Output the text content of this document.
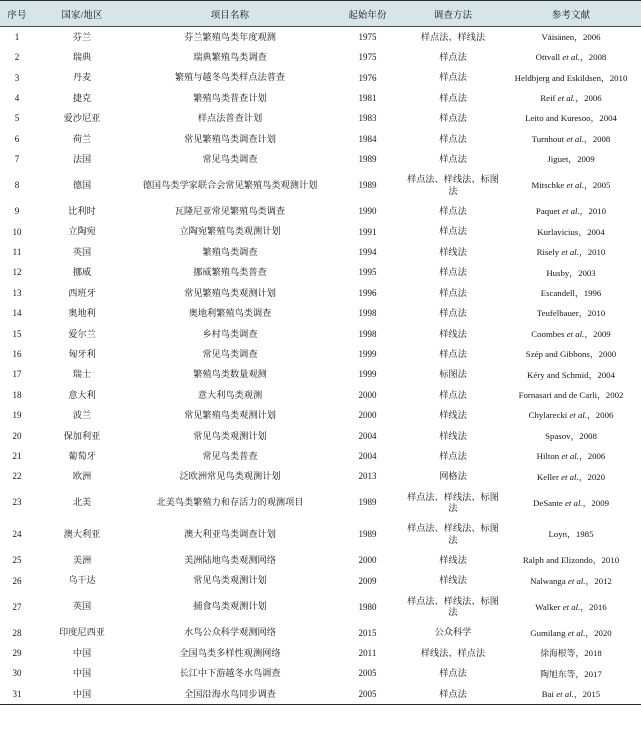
序号	国家/地区	项目名称	起始年份	调查方法	参考文献
1	芬兰	芬兰繁殖鸟类年度观测	1975	样点法、样线法	Väisänen，2006
2	瑞典	瑞典繁殖鸟类调查	1975	样点法	Ottvall et al.，2008
3	丹麦	繁殖与越冬鸟类样点法普查	1976	样点法	Heldbjerg and Eskildsen，2010
4	捷克	繁殖鸟类普查计划	1981	样点法	Reif et al.，2006
5	爱沙尼亚	样点法普查计划	1983	样点法	Leito and Kuresoo，2004
6	荷兰	常见繁殖鸟类调查计划	1984	样点法	Turnhout et al.，2008
7	法国	常见鸟类调查	1989	样点法	Jiguet，2009
8	德国	德国鸟类学家联合会常见繁殖鸟类观测计划	1989	样点法、样线法、标图法	Mitschke et al.，2005
9	比利时	瓦隆尼亚常见繁殖鸟类调查	1990	样点法	Paquet et al.，2010
10	立陶宛	立陶宛繁殖鸟类观测计划	1991	样点法	Kurlavicius，2004
11	英国	繁殖鸟类调查	1994	样线法	Risely et al.，2010
12	挪威	挪威繁殖鸟类普查	1995	样点法	Husby，2003
13	西班牙	常见繁殖鸟类观测计划	1996	样点法	Escandell，1996
14	奥地利	奥地利繁殖鸟类调查	1998	样点法	Teufelbauer，2010
15	爱尔兰	乡村鸟类调查	1998	样线法	Coombes et al.，2009
16	匈牙利	常见鸟类调查	1999	样点法	Szép and Gibbons，2000
17	瑞士	繁殖鸟类数量观测	1999	标图法	Kéry and Schmid，2004
18	意大利	意大利鸟类观测	2000	样点法	Fornasari and de Carli，2002
19	波兰	常见繁殖鸟类观测计划	2000	样线法	Chylarecki et al.，2006
20	保加利亚	常见鸟类观测计划	2004	样线法	Spasov，2008
21	葡萄牙	常见鸟类普查	2004	样点法	Hilton et al.，2006
22	欧洲	泛欧洲常见鸟类观测计划	2013	网格法	Keller et al.，2020
23	北美	北美鸟类繁殖力和存活力的观测项目	1989	样点法、样线法、标图法	DeSante et al.，2009
24	澳大利亚	澳大利亚鸟类调查计划	1989	样点法、样线法、标图法	Loyn，1985
25	美洲	美洲陆地鸟类观测网络	2000	样线法	Ralph and Elizondo，2010
26	乌干达	常见鸟类观测计划	2009	样线法	Nalwanga et al.，2012
27	英国	捕食鸟类观测计划	1980	样点法、样线法、标图法	Walker et al.，2016
28	印度尼西亚	水鸟公众科学观测网络	2015	公众科学	Gumilang et al.，2020
29	中国	全国鸟类多样性观测网络	2011	样线法、样点法	徐海根等，2018
30	中国	长江中下游越冬水鸟调查	2005	样点法	陶旭东等，2017
31	中国	全国沿海水鸟同步调查	2005	样点法	Bai et al.，2015
